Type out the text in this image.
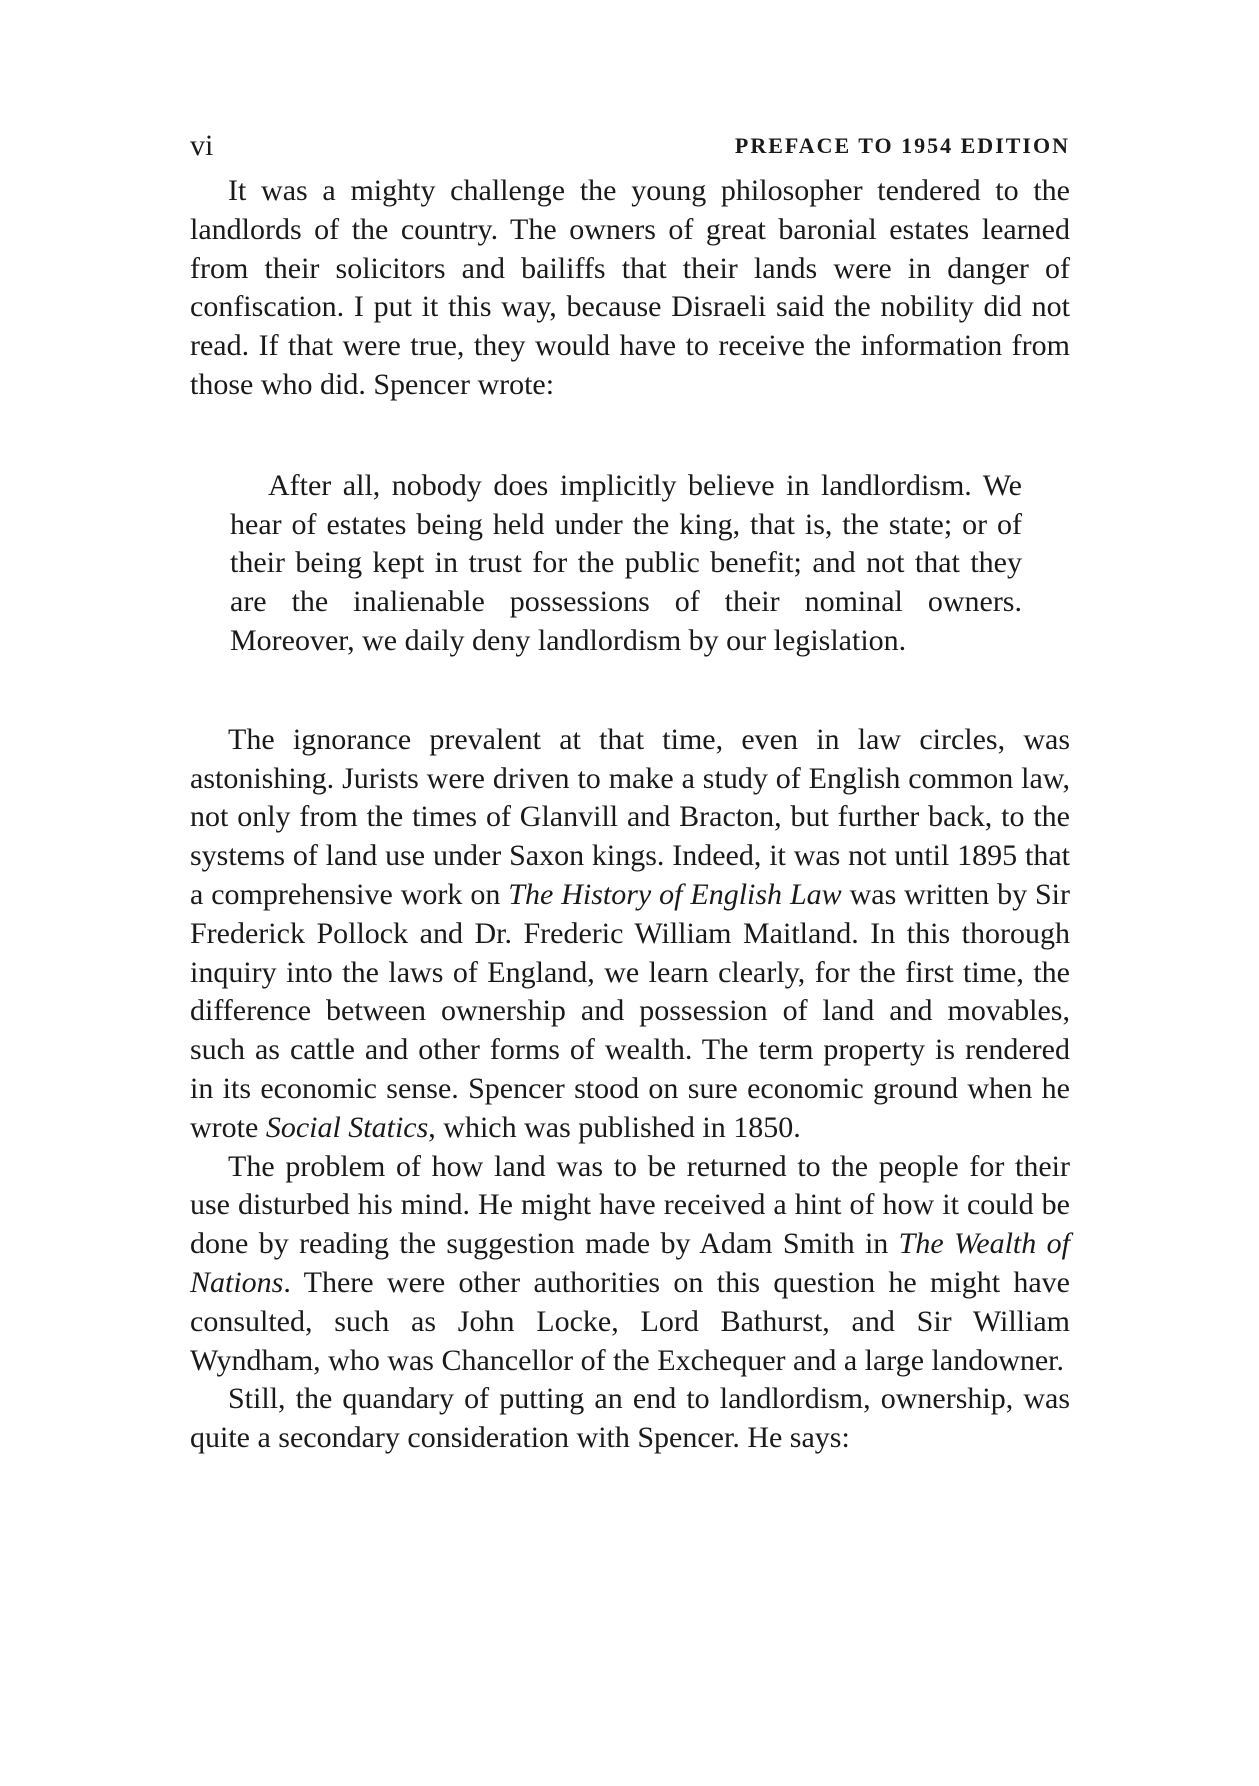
vi	PREFACE TO 1954 EDITION

It was a mighty challenge the young philosopher tendered to the landlords of the country. The owners of great baronial estates learned from their solicitors and bailiffs that their lands were in danger of confiscation. I put it this way, because Disraeli said the nobility did not read. If that were true, they would have to receive the information from those who did. Spencer wrote:

After all, nobody does implicitly believe in landlordism. We hear of estates being held under the king, that is, the state; or of their being kept in trust for the public benefit; and not that they are the inalienable possessions of their nominal owners. Moreover, we daily deny landlordism by our legislation.

The ignorance prevalent at that time, even in law circles, was astonishing. Jurists were driven to make a study of English common law, not only from the times of Glanvill and Bracton, but further back, to the systems of land use under Saxon kings. Indeed, it was not until 1895 that a comprehensive work on The History of English Law was written by Sir Frederick Pollock and Dr. Frederic William Maitland. In this thorough inquiry into the laws of England, we learn clearly, for the first time, the difference between ownership and possession of land and movables, such as cattle and other forms of wealth. The term property is rendered in its economic sense. Spencer stood on sure economic ground when he wrote Social Statics, which was published in 1850.

The problem of how land was to be returned to the people for their use disturbed his mind. He might have received a hint of how it could be done by reading the suggestion made by Adam Smith in The Wealth of Nations. There were other authorities on this question he might have consulted, such as John Locke, Lord Bathurst, and Sir William Wyndham, who was Chancellor of the Exchequer and a large landowner.

Still, the quandary of putting an end to landlordism, ownership, was quite a secondary consideration with Spencer. He says:
